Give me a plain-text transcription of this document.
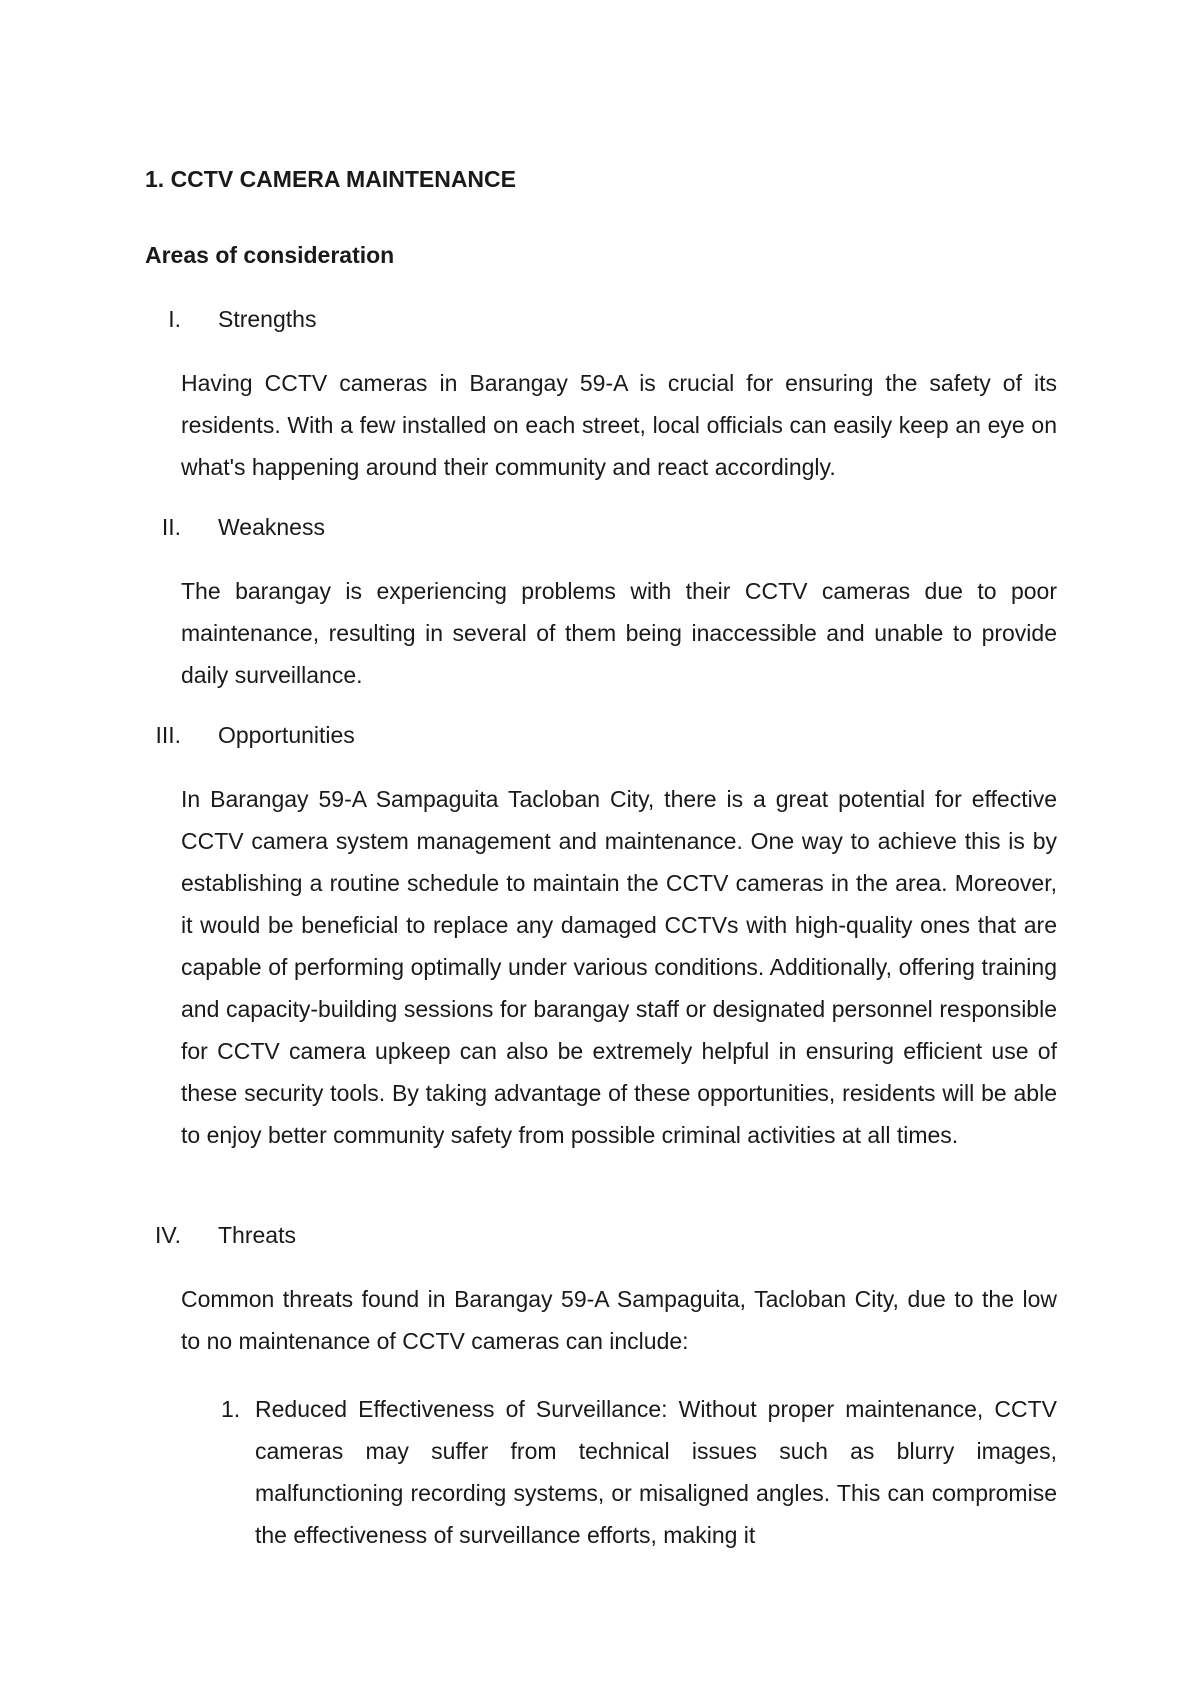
1. CCTV CAMERA MAINTENANCE
Areas of consideration
I. Strengths

Having CCTV cameras in Barangay 59-A is crucial for ensuring the safety of its residents. With a few installed on each street, local officials can easily keep an eye on what's happening around their community and react accordingly.

II. Weakness

The barangay is experiencing problems with their CCTV cameras due to poor maintenance, resulting in several of them being inaccessible and unable to provide daily surveillance.

III. Opportunities

In Barangay 59-A Sampaguita Tacloban City, there is a great potential for effective CCTV camera system management and maintenance. One way to achieve this is by establishing a routine schedule to maintain the CCTV cameras in the area. Moreover, it would be beneficial to replace any damaged CCTVs with high-quality ones that are capable of performing optimally under various conditions. Additionally, offering training and capacity-building sessions for barangay staff or designated personnel responsible for CCTV camera upkeep can also be extremely helpful in ensuring efficient use of these security tools. By taking advantage of these opportunities, residents will be able to enjoy better community safety from possible criminal activities at all times.

IV. Threats

Common threats found in Barangay 59-A Sampaguita, Tacloban City, due to the low to no maintenance of CCTV cameras can include:

1. Reduced Effectiveness of Surveillance: Without proper maintenance, CCTV cameras may suffer from technical issues such as blurry images, malfunctioning recording systems, or misaligned angles. This can compromise the effectiveness of surveillance efforts, making it
